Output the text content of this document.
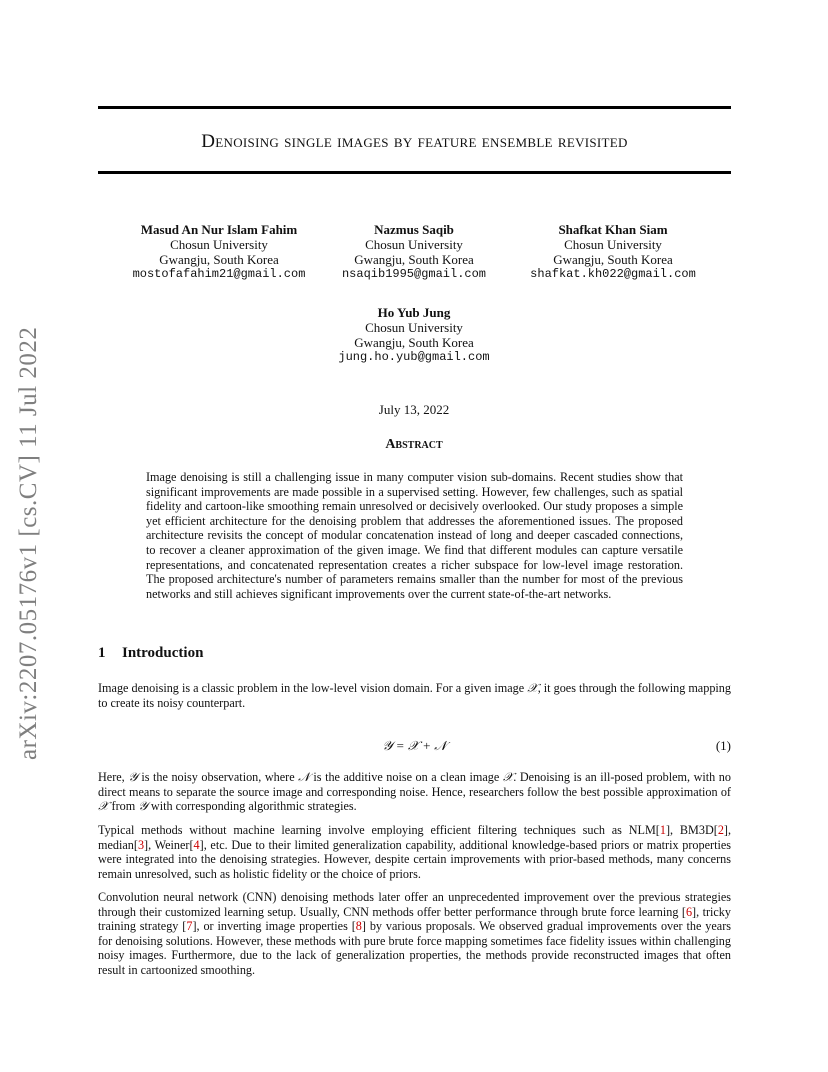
arXiv:2207.05176v1 [cs.CV] 11 Jul 2022
Denoising single images by feature ensemble revisited
Masud An Nur Islam Fahim
Chosun University
Gwangju, South Korea
mostofafahim21@gmail.com
Nazmus Saqib
Chosun University
Gwangju, South Korea
nsaqib1995@gmail.com
Shafkat Khan Siam
Chosun University
Gwangju, South Korea
shafkat.kh022@gmail.com
Ho Yub Jung
Chosun University
Gwangju, South Korea
jung.ho.yub@gmail.com
July 13, 2022
Abstract
Image denoising is still a challenging issue in many computer vision sub-domains. Recent studies show that significant improvements are made possible in a supervised setting. However, few challenges, such as spatial fidelity and cartoon-like smoothing remain unresolved or decisively overlooked. Our study proposes a simple yet efficient architecture for the denoising problem that addresses the aforementioned issues. The proposed architecture revisits the concept of modular concatenation instead of long and deeper cascaded connections, to recover a cleaner approximation of the given image. We find that different modules can capture versatile representations, and concatenated representation creates a richer subspace for low-level image restoration. The proposed architecture's number of parameters remains smaller than the number for most of the previous networks and still achieves significant improvements over the current state-of-the-art networks.
1 Introduction

Image denoising is a classic problem in the low-level vision domain. For a given image 𝒳, it goes through the following mapping to create its noisy counterpart.

𝒴 = 𝒳 + 𝒩	(1)

Here, 𝒴 is the noisy observation, where 𝒩 is the additive noise on a clean image 𝒳. Denoising is an ill-posed problem, with no direct means to separate the source image and corresponding noise. Hence, researchers follow the best possible approximation of 𝒳 from 𝒴 with corresponding algorithmic strategies.

Typical methods without machine learning involve employing efficient filtering techniques such as NLM[1], BM3D[2], median[3], Weiner[4], etc. Due to their limited generalization capability, additional knowledge-based priors or matrix properties were integrated into the denoising strategies. However, despite certain improvements with prior-based methods, many concerns remain unresolved, such as holistic fidelity or the choice of priors.

Convolution neural network (CNN) denoising methods later offer an unprecedented improvement over the previous strategies through their customized learning setup. Usually, CNN methods offer better performance through brute force learning [6], tricky training strategy [7], or inverting image properties [8] by various proposals. We observed gradual improvements over the years for denoising solutions. However, these methods with pure brute force mapping sometimes face fidelity issues within challenging noisy images. Furthermore, due to the lack of generalization properties, the methods provide reconstructed images that often result in cartoonized smoothing.
